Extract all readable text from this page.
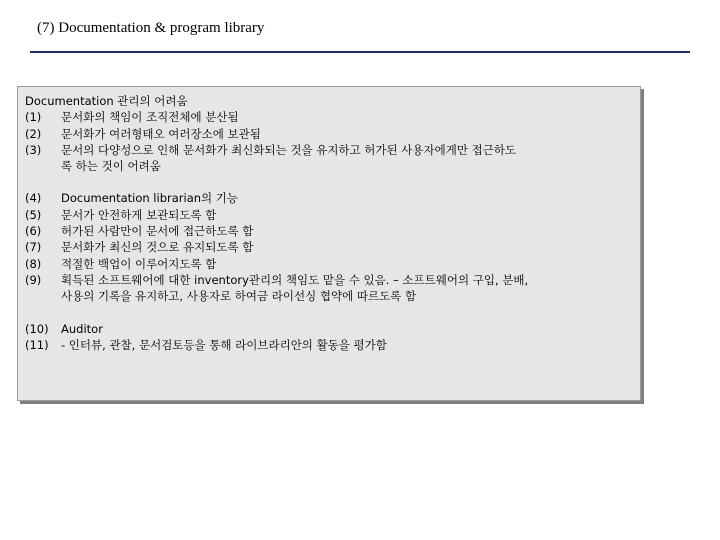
(7) Documentation & program library
Documentation 관리의 어려움
(1)	문서화의 책임이 조직전체에 분산됨
(2)	문서화가 여러형태오 여러장소에 보관됨
(3)	문서의 다양성으로 인해 문서화가 최신화되는 것을 유지하고 허가된 사용자에게만 접근하도
록 하는 것이 어려움
(4)	Documentation librarian의 기능
(5)	문서가 안전하게 보관되도록 함
(6)	허가된 사람만이 문서에 접근하도록 함
(7)	문서화가 최신의 것으로 유지되도록 함
(8)	적절한 백업이 이루어지도록 함
(9)	획득된 소프트웨어에 대한 inventory관리의 책임도 맡을 수 있음. – 소프트웨어의 구입, 분배,
사용의 기록을 유지하고, 사용자로 하여금 라이선싱 협약에 따르도록 함
(10)	Auditor
(11)	- 인터뷰, 관찰, 문서검토등을 통해 라이브라리안의 활동을 평가함
